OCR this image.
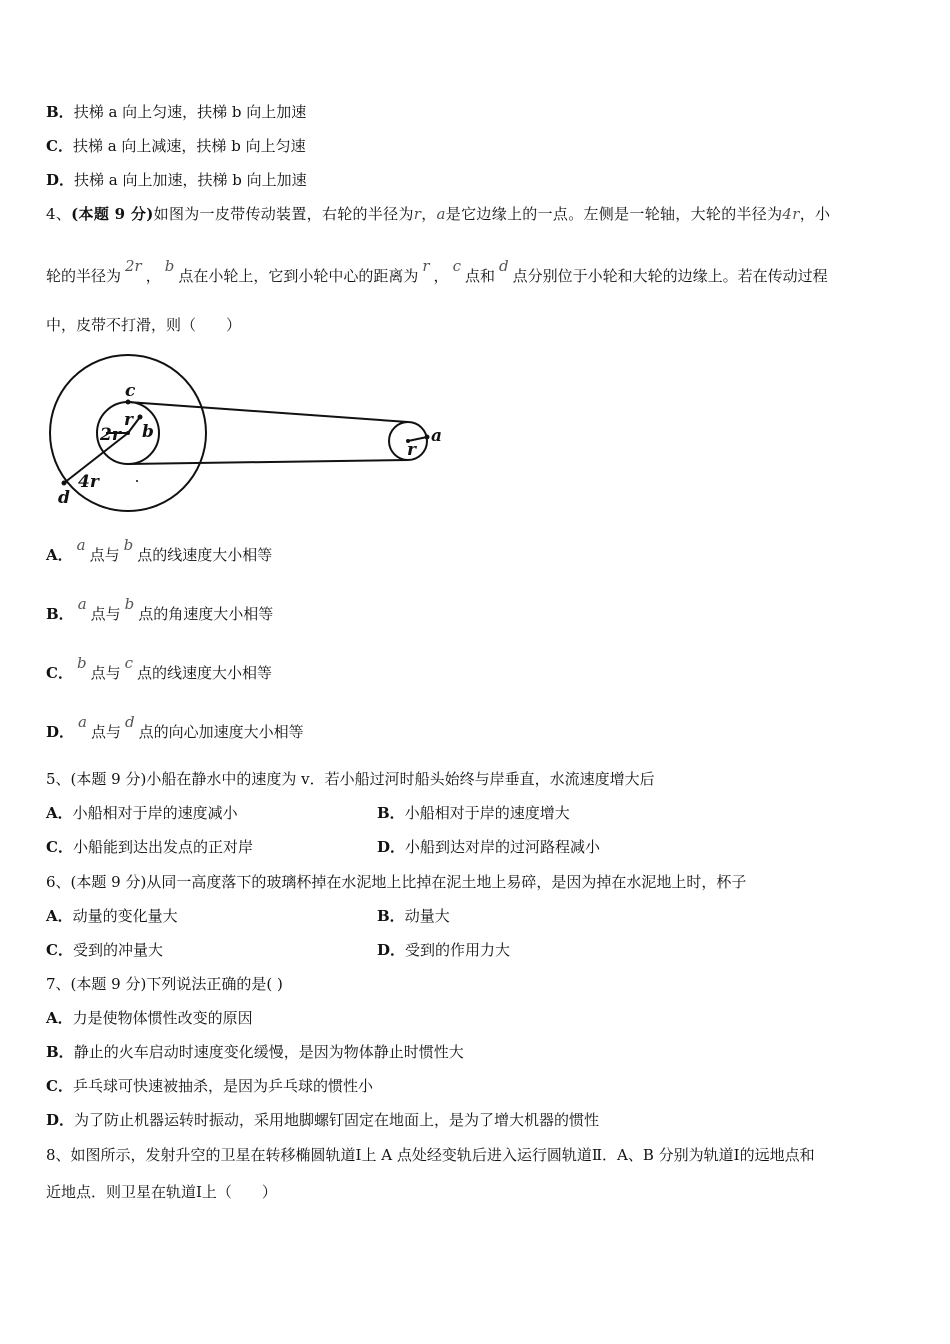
B．扶梯 a 向上匀速，扶梯 b 向上加速
C．扶梯 a 向上减速，扶梯 b 向上匀速
D．扶梯 a 向上加速，扶梯 b 向上加速
4、(本题 9 分)如图为一皮带传动装置，右轮的半径为r，a是它边缘上的一点。左侧是一轮轴，大轮的半径为4r，小
轮的半径为2r，b点在小轮上，它到小轮中心的距离为r，c点和d点分别位于小轮和大轮的边缘上。若在传动过程
中，皮带不打滑，则（　　）
c
r
2r b
4r
d
a
r
A．a点与b点的线速度大小相等
B．a点与b点的角速度大小相等
C．b点与c点的线速度大小相等
D．a点与d点的向心加速度大小相等
5、(本题 9 分)小船在静水中的速度为 v．若小船过河时船头始终与岸垂直，水流速度增大后
A．小船相对于岸的速度减小	B．小船相对于岸的速度增大
C．小船能到达出发点的正对岸	D．小船到达对岸的过河路程减小
6、(本题 9 分)从同一高度落下的玻璃杯掉在水泥地上比掉在泥土地上易碎，是因为掉在水泥地上时，杯子
A．动量的变化量大	B．动量大
C．受到的冲量大	D．受到的作用力大
7、(本题 9 分)下列说法正确的是( )
A．力是使物体惯性改变的原因
B．静止的火车启动时速度变化缓慢，是因为物体静止时惯性大
C．乒乓球可快速被抽杀，是因为乒乓球的惯性小
D．为了防止机器运转时振动，采用地脚螺钉固定在地面上，是为了增大机器的惯性
8、如图所示，发射升空的卫星在转移椭圆轨道Ⅰ上 A 点处经变轨后进入运行圆轨道Ⅱ．A、B 分别为轨道Ⅰ的远地点和
近地点．则卫星在轨道Ⅰ上（　　）
